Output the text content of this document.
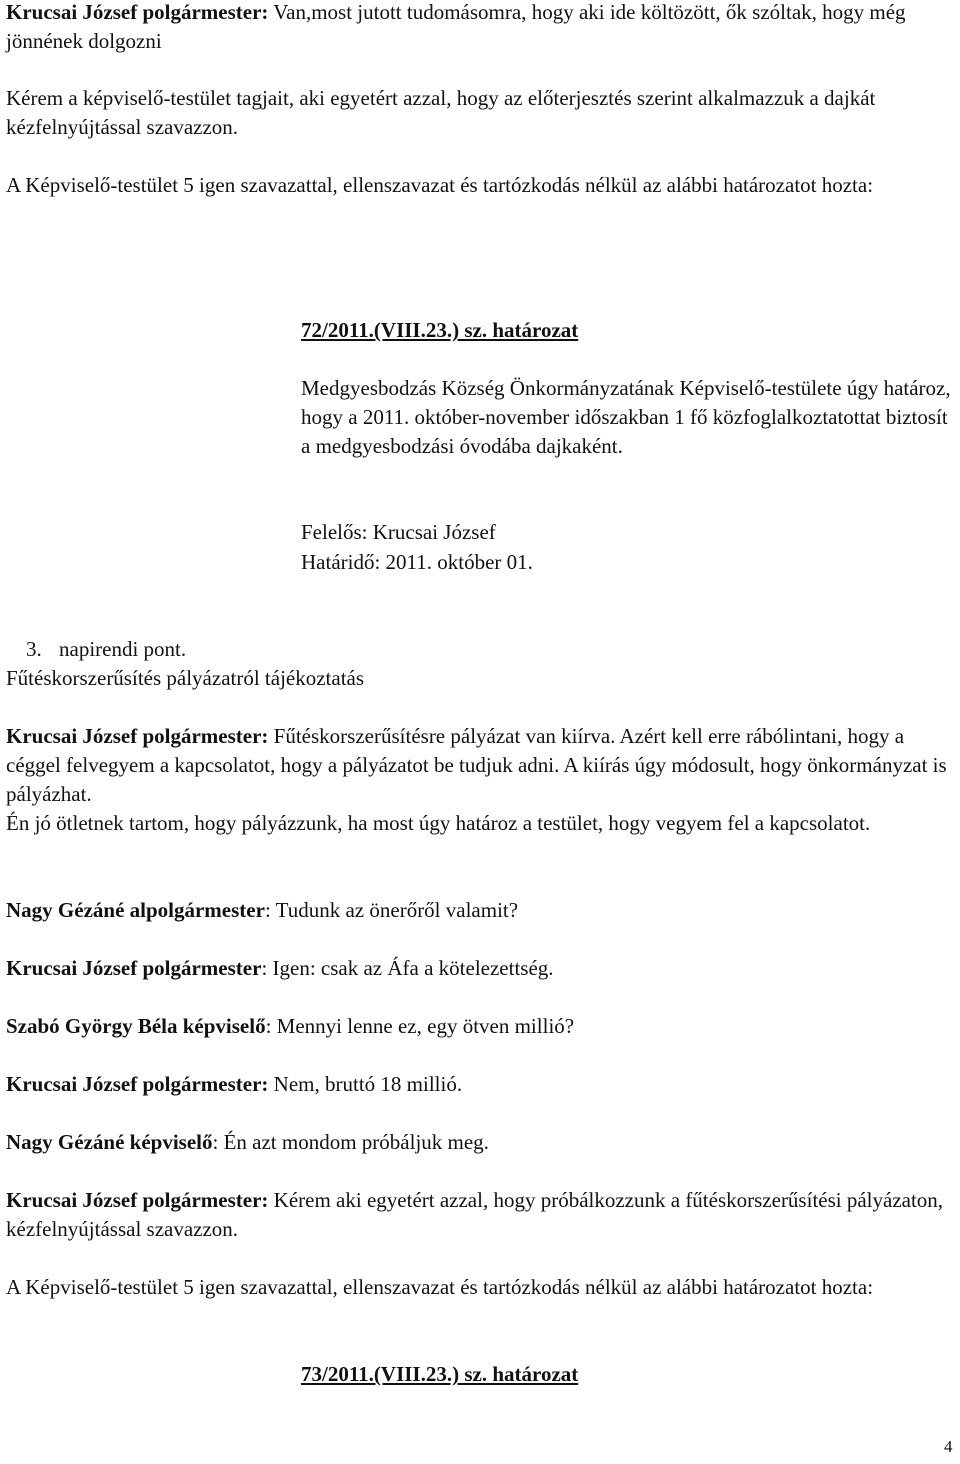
Krucsai József polgármester: Van,most jutott tudomásomra, hogy aki ide költözött, ők szóltak, hogy még jönnének dolgozni

Kérem a képviselő-testület tagjait, aki egyetért azzal, hogy az előterjesztés szerint alkalmazzuk a dajkát kézfelnyújtással szavazzon.

A Képviselő-testület 5 igen szavazattal, ellenszavazat és tartózkodás nélkül az alábbi határozatot hozta:

72/2011.(VIII.23.) sz. határozat

Medgyesbodzás Község Önkormányzatának Képviselő-testülete úgy határoz, hogy a 2011. október-november időszakban 1 fő közfoglalkoztatottat biztosít a medgyesbodzási óvodába dajkaként.

Felelős: Krucsai József

Határidő: 2011. október 01.

3. napirendi pont.

Fűtéskorszerűsítés pályázatról tájékoztatás

Krucsai József polgármester: Fűtéskorszerűsítésre pályázat van kiírva. Azért kell erre rábólintani, hogy a céggel felvegyem a kapcsolatot, hogy a pályázatot be tudjuk adni. A kiírás úgy módosult, hogy önkormányzat is pályázhat.

Én jó ötletnek tartom, hogy pályázzunk, ha most úgy határoz a testület, hogy vegyem fel a kapcsolatot.

Nagy Gézáné alpolgármester: Tudunk az önerőről valamit?

Krucsai József polgármester: Igen: csak az Áfa a kötelezettség.

Szabó György Béla képviselő: Mennyi lenne ez, egy ötven millió?

Krucsai József polgármester: Nem, bruttó 18 millió.

Nagy Gézáné képviselő: Én azt mondom próbáljuk meg.

Krucsai József polgármester: Kérem aki egyetért azzal, hogy próbálkozzunk a fűtéskorszerűsítési pályázaton, kézfelnyújtással szavazzon.

A Képviselő-testület 5 igen szavazattal, ellenszavazat és tartózkodás nélkül az alábbi határozatot hozta:

73/2011.(VIII.23.) sz. határozat

4
